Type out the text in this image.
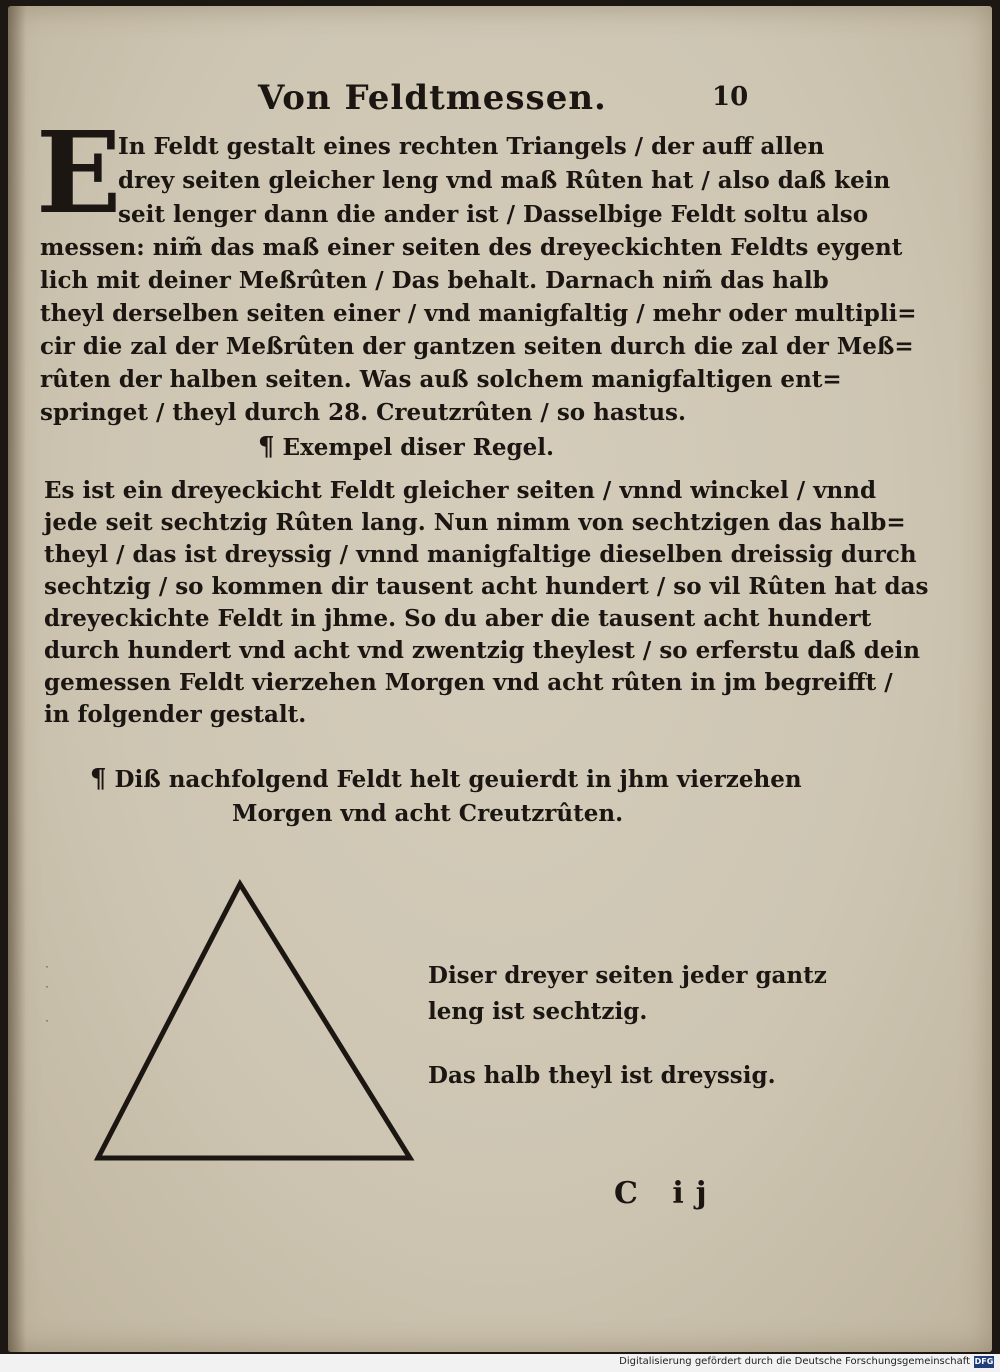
·
·
·
Von Feldtmessen.	10
E
In Feldt gestalt eines rechten Triangels / der auff allen
drey seiten gleicher leng vnd maß Rûten hat / also daß kein
seit lenger dann die ander ist / Dasselbige Feldt soltu also
messen: nim̃ das maß einer seiten des dreyeckichten Feldts eygent
lich mit deiner Meßrûten / Das behalt. Darnach nim̃ das halb
theyl derselben seiten einer / vnd manigfaltig / mehr oder multipli=
cir die zal der Meßrûten der gantzen seiten durch die zal der Meß=
rûten der halben seiten. Was auß solchem manigfaltigen ent=
springet / theyl durch 28. Creutzrûten / so hastus.
¶ Exempel diser Regel.
Es ist ein dreyeckicht Feldt gleicher seiten / vnnd winckel / vnnd
jede seit sechtzig Rûten lang. Nun nimm von sechtzigen das halb=
theyl / das ist dreyssig / vnnd manigfaltige dieselben dreissig durch
sechtzig / so kommen dir tausent acht hundert / so vil Rûten hat das
dreyeckichte Feldt in jhme. So du aber die tausent acht hundert
durch hundert vnd acht vnd zwentzig theylest / so erferstu daß dein
gemessen Feldt vierzehen Morgen vnd acht rûten in jm begreifft /
in folgender gestalt.
¶ Diß nachfolgend Feldt helt geuierdt in jhm vierzehen
Morgen vnd acht Creutzrûten.
Diser dreyer seiten jeder gantz
leng ist sechtzig.
Das halb theyl ist dreyssig.
C ij
Digitalisierung gefördert durch die Deutsche Forschungsgemeinschaft DFG
